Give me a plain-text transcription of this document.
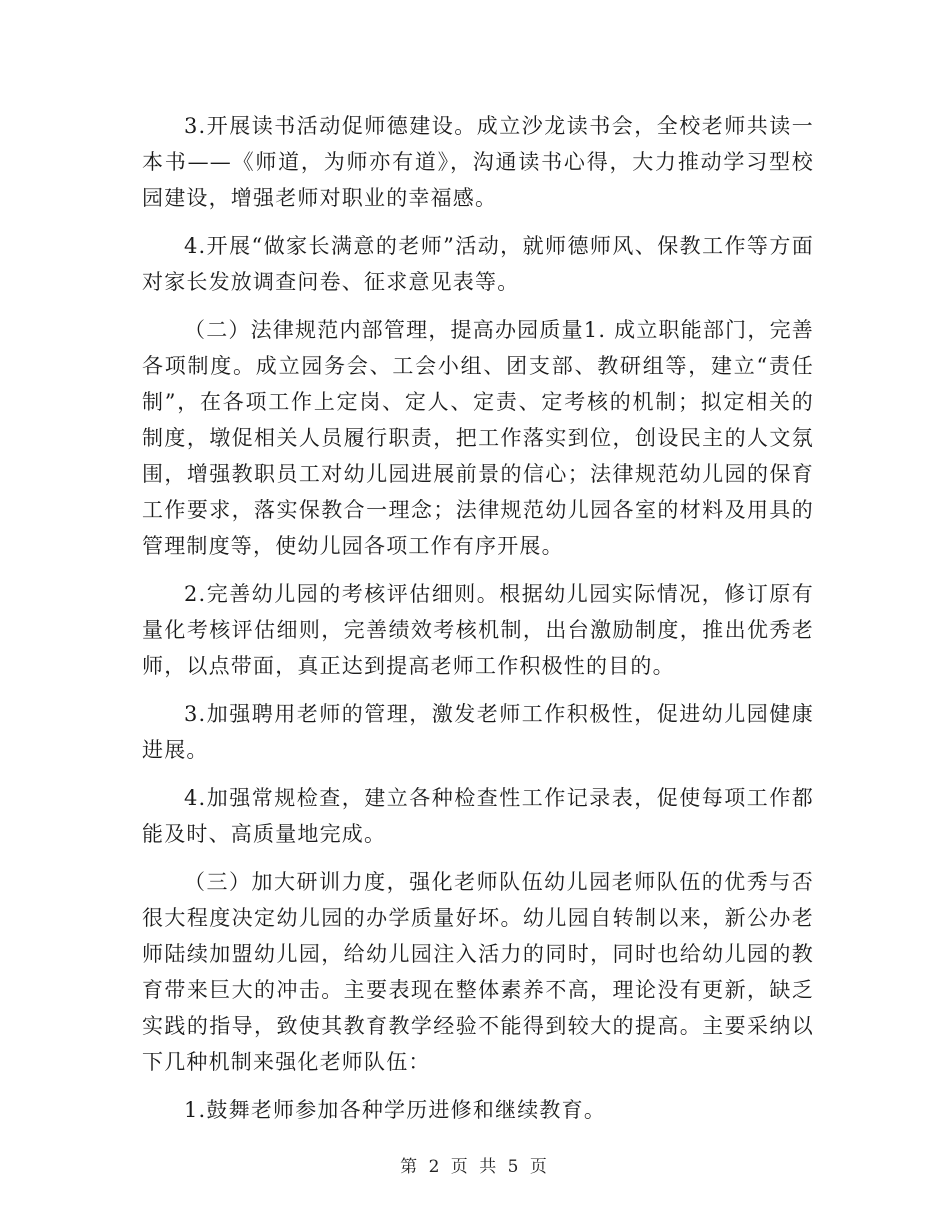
3.开展读书活动促师德建设。成立沙龙读书会，全校老师共读一本书——《师道，为师亦有道》，沟通读书心得，大力推动学习型校园建设，增强老师对职业的幸福感。

4.开展“做家长满意的老师”活动，就师德师风、保教工作等方面对家长发放调查问卷、征求意见表等。

（二）法律规范内部管理，提高办园质量1. 成立职能部门，完善各项制度。成立园务会、工会小组、团支部、教研组等，建立“责任制”，在各项工作上定岗、定人、定责、定考核的机制；拟定相关的制度，墩促相关人员履行职责，把工作落实到位，创设民主的人文氛围，增强教职员工对幼儿园进展前景的信心；法律规范幼儿园的保育工作要求，落实保教合一理念；法律规范幼儿园各室的材料及用具的管理制度等，使幼儿园各项工作有序开展。

2.完善幼儿园的考核评估细则。根据幼儿园实际情况，修订原有量化考核评估细则，完善绩效考核机制，出台激励制度，推出优秀老师，以点带面，真正达到提高老师工作积极性的目的。

3.加强聘用老师的管理，激发老师工作积极性，促进幼儿园健康进展。

4.加强常规检查，建立各种检查性工作记录表，促使每项工作都能及时、高质量地完成。

（三）加大研训力度，强化老师队伍幼儿园老师队伍的优秀与否很大程度决定幼儿园的办学质量好坏。幼儿园自转制以来，新公办老师陆续加盟幼儿园，给幼儿园注入活力的同时，同时也给幼儿园的教育带来巨大的冲击。主要表现在整体素养不高，理论没有更新，缺乏实践的指导，致使其教育教学经验不能得到较大的提高。主要采纳以下几种机制来强化老师队伍：

1.鼓舞老师参加各种学历进修和继续教育。

第 2 页 共 5 页
